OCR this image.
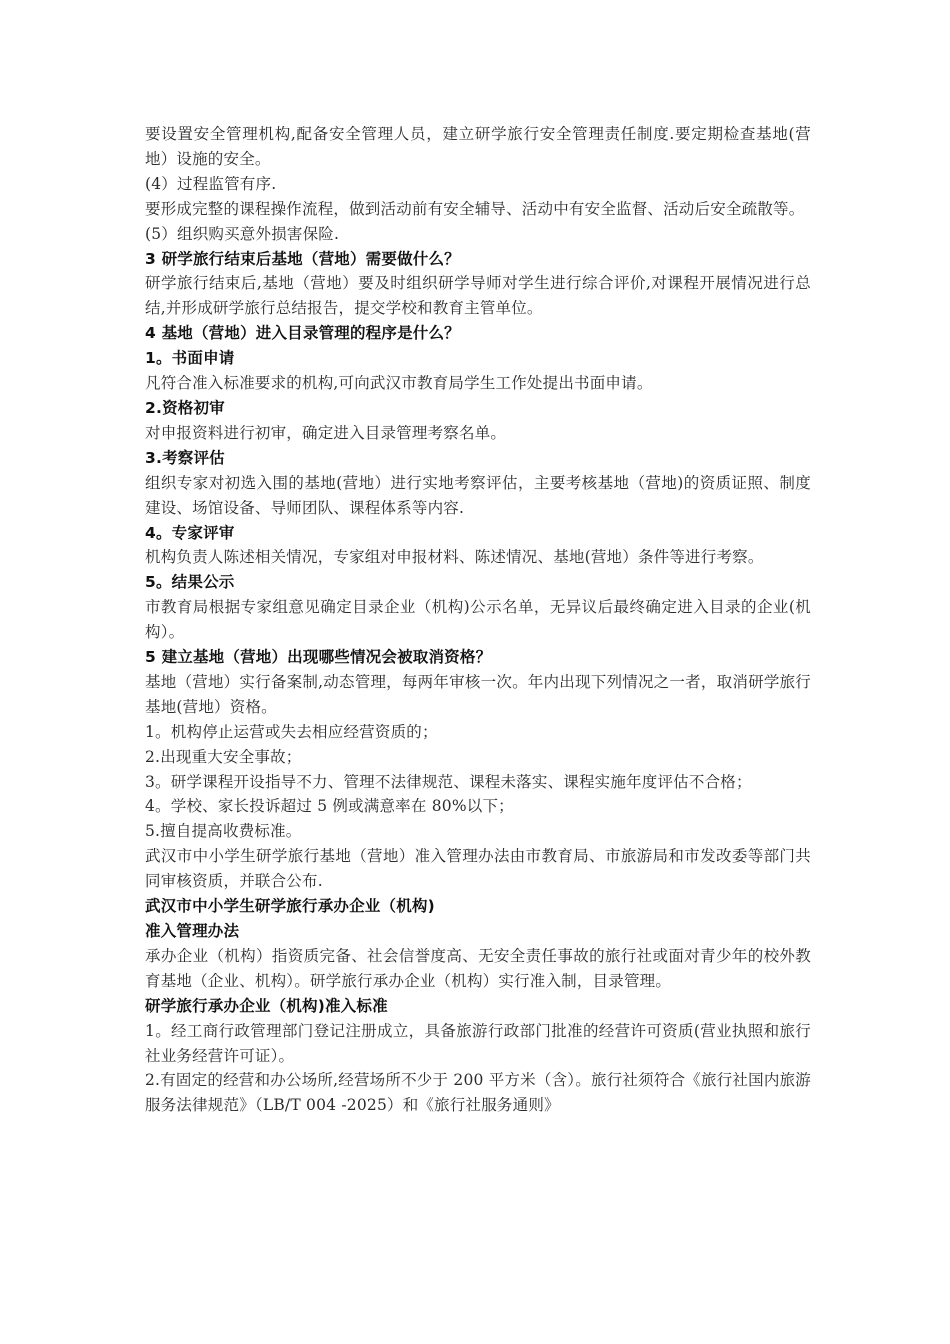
要设置安全管理机构,配备安全管理人员，建立研学旅行安全管理责任制度.要定期检查基地(营地）设施的安全。

(4）过程监管有序.

要形成完整的课程操作流程，做到活动前有安全辅导、活动中有安全监督、活动后安全疏散等。

(5）组织购买意外损害保险.

3 研学旅行结束后基地（营地）需要做什么？

研学旅行结束后,基地（营地）要及时组织研学导师对学生进行综合评价,对课程开展情况进行总结,并形成研学旅行总结报告，提交学校和教育主管单位。

4 基地（营地）进入目录管理的程序是什么？

1。书面申请

凡符合准入标准要求的机构,可向武汉市教育局学生工作处提出书面申请。

2.资格初审

对申报资料进行初审，确定进入目录管理考察名单。

3.考察评估

组织专家对初选入围的基地(营地）进行实地考察评估，主要考核基地（营地)的资质证照、制度建设、场馆设备、导师团队、课程体系等内容.

4。专家评审

机构负责人陈述相关情况，专家组对申报材料、陈述情况、基地(营地）条件等进行考察。

5。结果公示

市教育局根据专家组意见确定目录企业（机构)公示名单，无异议后最终确定进入目录的企业(机构）。

5 建立基地（营地）出现哪些情况会被取消资格？

基地（营地）实行备案制,动态管理，每两年审核一次。年内出现下列情况之一者，取消研学旅行基地(营地）资格。

1。机构停止运营或失去相应经营资质的；

2.出现重大安全事故；

3。研学课程开设指导不力、管理不法律规范、课程未落实、课程实施年度评估不合格；

4。学校、家长投诉超过 5 例或满意率在 80%以下；

5.擅自提高收费标准。

武汉市中小学生研学旅行基地（营地）准入管理办法由市教育局、市旅游局和市发改委等部门共同审核资质，并联合公布.

武汉市中小学生研学旅行承办企业（机构)

准入管理办法

承办企业（机构）指资质完备、社会信誉度高、无安全责任事故的旅行社或面对青少年的校外教育基地（企业、机构）。研学旅行承办企业（机构）实行准入制，目录管理。

研学旅行承办企业（机构)准入标准

1。经工商行政管理部门登记注册成立，具备旅游行政部门批准的经营许可资质(营业执照和旅行社业务经营许可证）。

2.有固定的经营和办公场所,经营场所不少于 200 平方米（含）。旅行社须符合《旅行社国内旅游服务法律规范》（LB/T 004 -2025）和《旅行社服务通则》
